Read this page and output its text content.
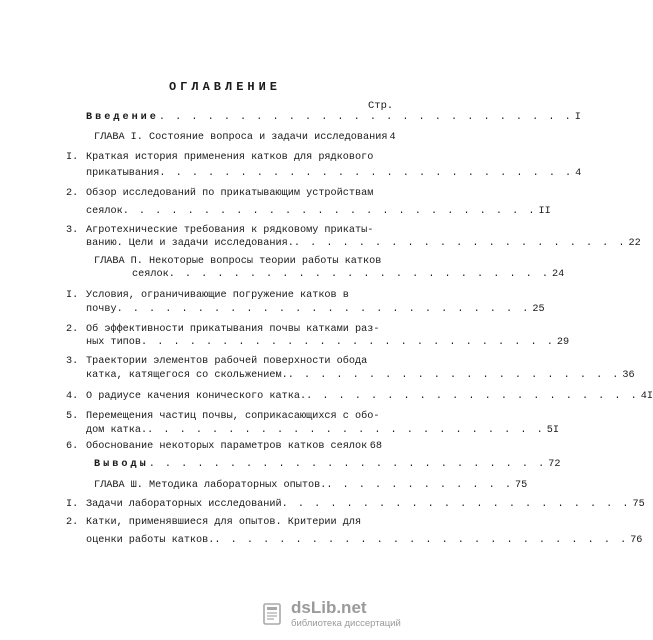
ОГЛАВЛЕНИЕ
Стр.
Введение . . . . . . . . . . . . . . . . . . . . . . . . . . I
ГЛАВА I. Состояние вопроса и задачи исследования 4
I. Краткая история применения катков для рядкового
прикатывания . . . . . . . . . . . . . . . . . . . . . . . . . . 4
2. Обзор исследований по прикатывающим устройствам
сеялок . . . . . . . . . . . . . . . . . . . . . . . . . . II
3. Агротехнические требования к рядковому прикаты-
ванию. Цели и задачи исследования. . . . . . . . . . . . . . . . . . . . . . 22
ГЛАВА П. Некоторые вопросы теории работы катков
сеялок . . . . . . . . . . . . . . . . . . . . . . . . 24
I. Условия, ограничивающие погружение катков в
почву . . . . . . . . . . . . . . . . . . . . . . . . . . 25
2. Об эффективности прикатывания почвы катками раз-
ных типов . . . . . . . . . . . . . . . . . . . . . . . . . . 29
3. Траектории элементов рабочей поверхности обода
катка, катящегося со скольжением. . . . . . . . . . . . . . . . . . . . . . 36
4. О радиусе качения конического катка. . . . . . . . . . . . . . . . . . . . . . 4I
5. Перемещения частиц почвы, соприкасающихся с обо-
дом катка. . . . . . . . . . . . . . . . . . . . . . . . . . 5I
6. Обоснование некоторых параметров катков сеялок 68
Выводы . . . . . . . . . . . . . . . . . . . . . . . . . 72
ГЛАВА Ш. Методика лабораторных опытов. . . . . . . . . . . . . 75
I. Задачи лабораторных исследований . . . . . . . . . . . . . . . . . . . . . . 75
2. Катки, применявшиеся для опытов. Критерии для
оценки работы катков. . . . . . . . . . . . . . . . . . . . . . . . . . . 76
dsLib.net
библиотека диссертаций
